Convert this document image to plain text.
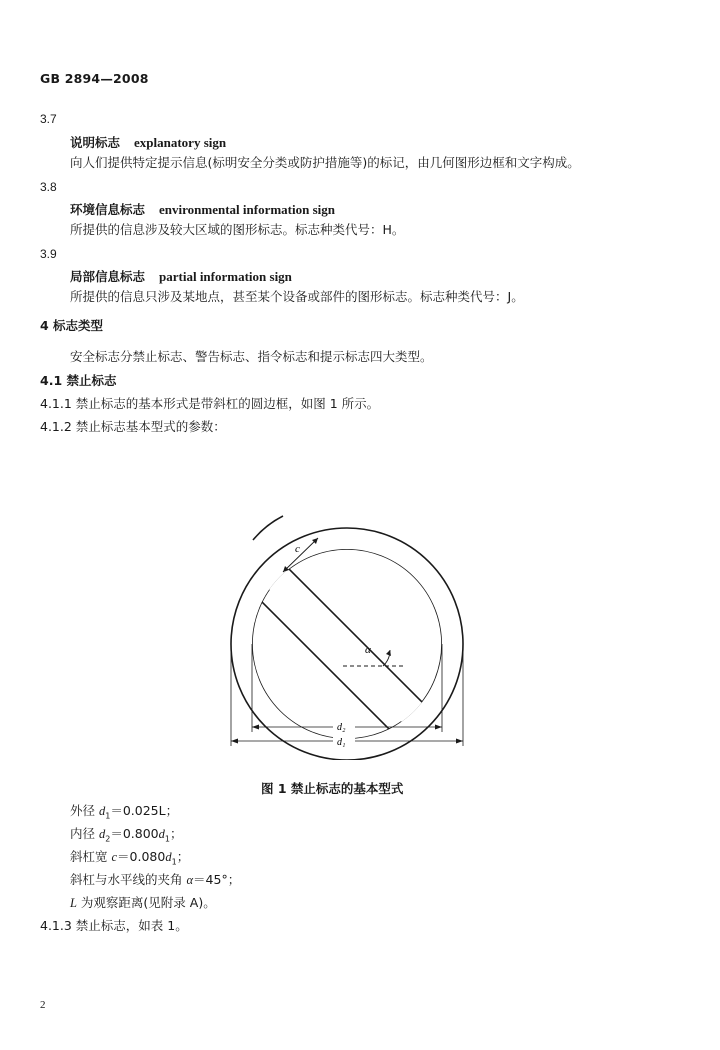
GB 2894—2008
3.7
说明标志 explanatory sign
向人们提供特定提示信息(标明安全分类或防护措施等)的标记，由几何图形边框和文字构成。
3.8
环境信息标志 environmental information sign
所提供的信息涉及较大区域的图形标志。标志种类代号：H。
3.9
局部信息标志 partial information sign
所提供的信息只涉及某地点，甚至某个设备或部件的图形标志。标志种类代号：J。
4 标志类型
安全标志分禁止标志、警告标志、指令标志和提示标志四大类型。
4.1 禁止标志
4.1.1 禁止标志的基本形式是带斜杠的圆边框，如图 1 所示。
4.1.2 禁止标志基本型式的参数：
c
α
d₂
d₁
图 1 禁止标志的基本型式
外径 $d_1=0.025L$；
内径 $d_2=0.800d_1$；
斜杠宽 $c=0.080d_1$；
斜杠与水平线的夹角 α＝45°；
L 为观察距离(见附录 A)。
4.1.3 禁止标志，如表 1。
2
